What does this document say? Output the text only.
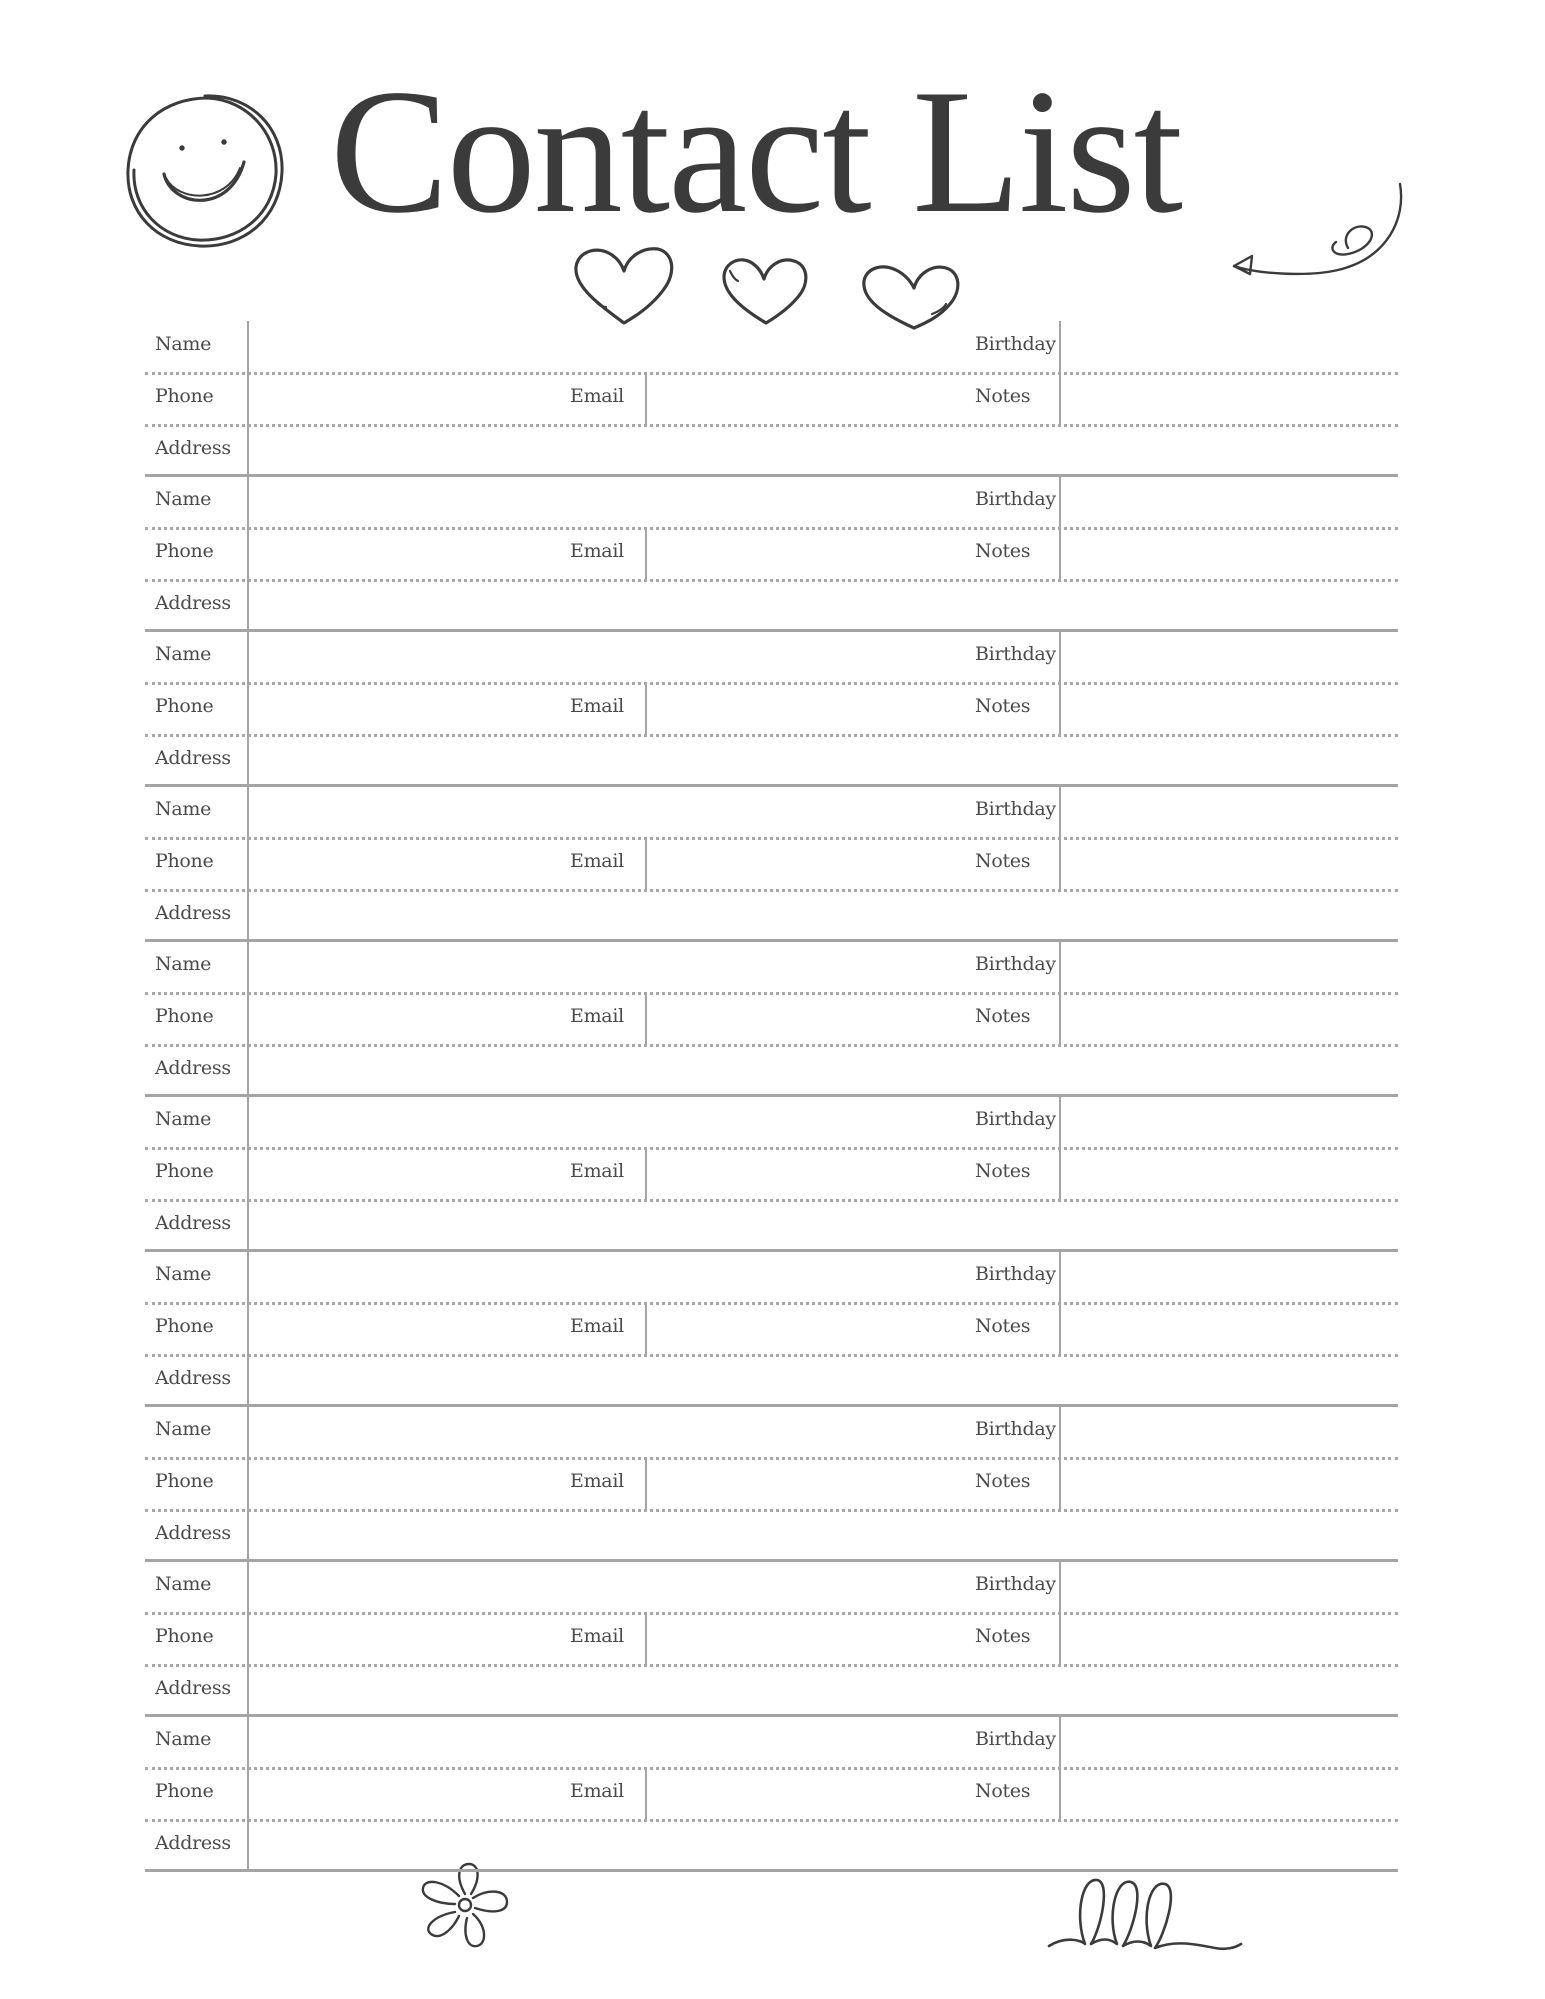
Contact List
Name	Birthday
Phone	Email	Notes
Address
Name	Birthday
Phone	Email	Notes
Address
Name	Birthday
Phone	Email	Notes
Address
Name	Birthday
Phone	Email	Notes
Address
Name	Birthday
Phone	Email	Notes
Address
Name	Birthday
Phone	Email	Notes
Address
Name	Birthday
Phone	Email	Notes
Address
Name	Birthday
Phone	Email	Notes
Address
Name	Birthday
Phone	Email	Notes
Address
Name	Birthday
Phone	Email	Notes
Address
